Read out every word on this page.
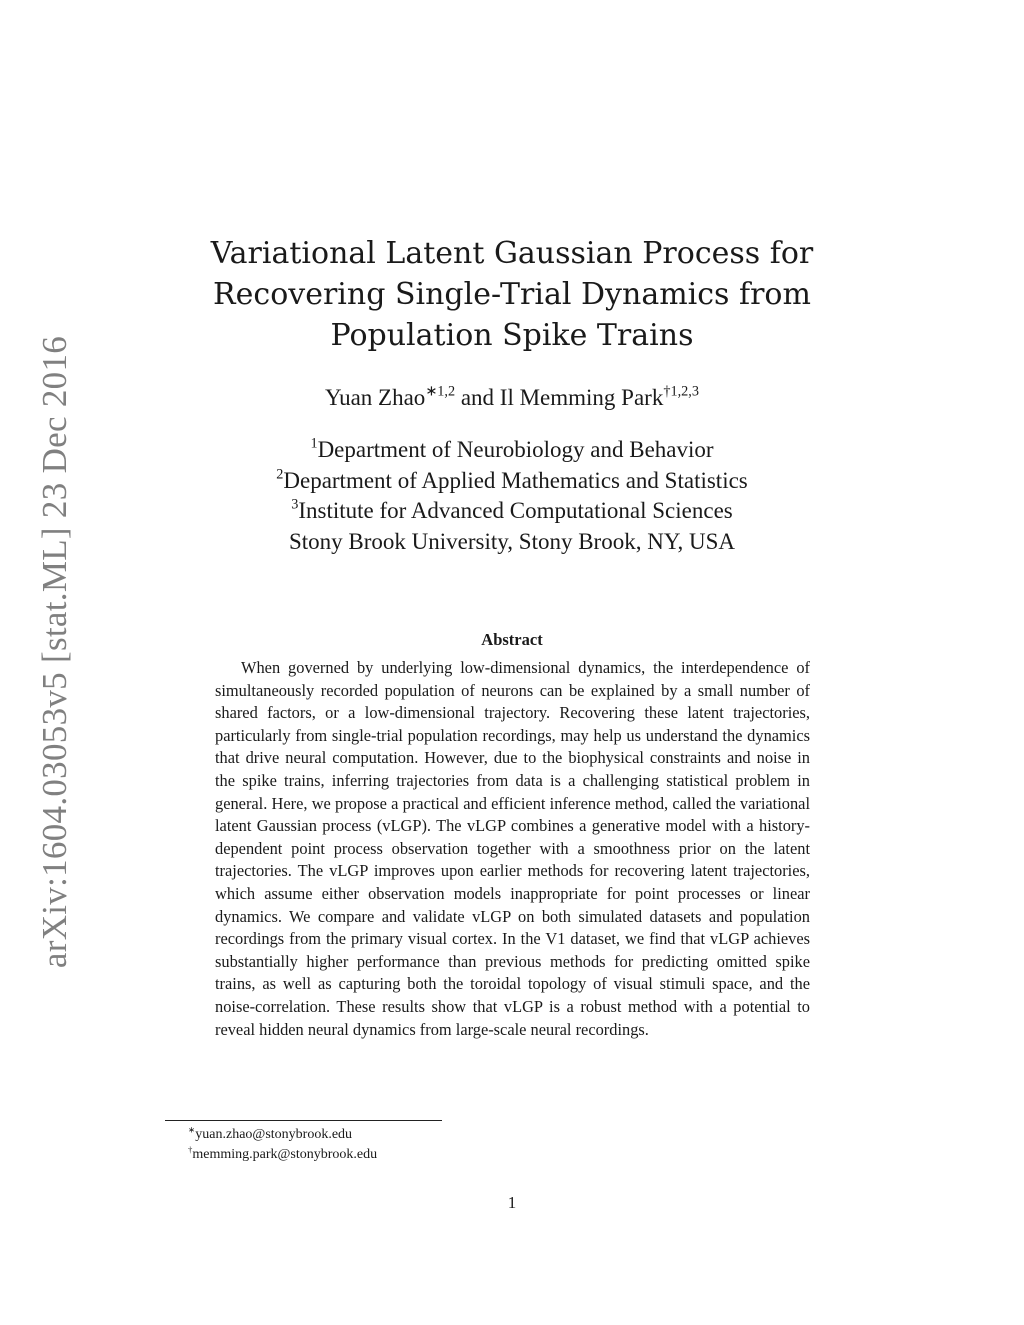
arXiv:1604.03053v5 [stat.ML] 23 Dec 2016
Variational Latent Gaussian Process for
Recovering Single-Trial Dynamics from
Population Spike Trains
Yuan Zhao$^{∗1,2}$ and Il Memming Park$^{\dagger 1,2,3}$
$^1$Department of Neurobiology and Behavior
$^2$Department of Applied Mathematics and Statistics
$^3$Institute for Advanced Computational Sciences
Stony Brook University, Stony Brook, NY, USA
Abstract

When governed by underlying low-dimensional dynamics, the interdependence of simultaneously recorded population of neurons can be explained by a small number of shared factors, or a low-dimensional trajectory. Recovering these latent trajectories, particularly from single-trial population recordings, may help us understand the dynamics that drive neural computation. However, due to the biophysical constraints and noise in the spike trains, inferring trajectories from data is a challenging statistical problem in general. Here, we propose a practical and efficient inference method, called the variational latent Gaussian process (vLGP). The vLGP combines a generative model with a history-dependent point process observation together with a smoothness prior on the latent trajectories. The vLGP improves upon earlier methods for recovering latent trajectories, which assume either observation models inappropriate for point processes or linear dynamics. We compare and validate vLGP on both simulated datasets and population recordings from the primary visual cortex. In the V1 dataset, we find that vLGP achieves substantially higher performance than previous methods for predicting omitted spike trains, as well as capturing both the toroidal topology of visual stimuli space, and the noise-correlation. These results show that vLGP is a robust method with a potential to reveal hidden neural dynamics from large-scale neural recordings.

∗yuan.zhao@stonybrook.edu
†memming.park@stonybrook.edu
1
